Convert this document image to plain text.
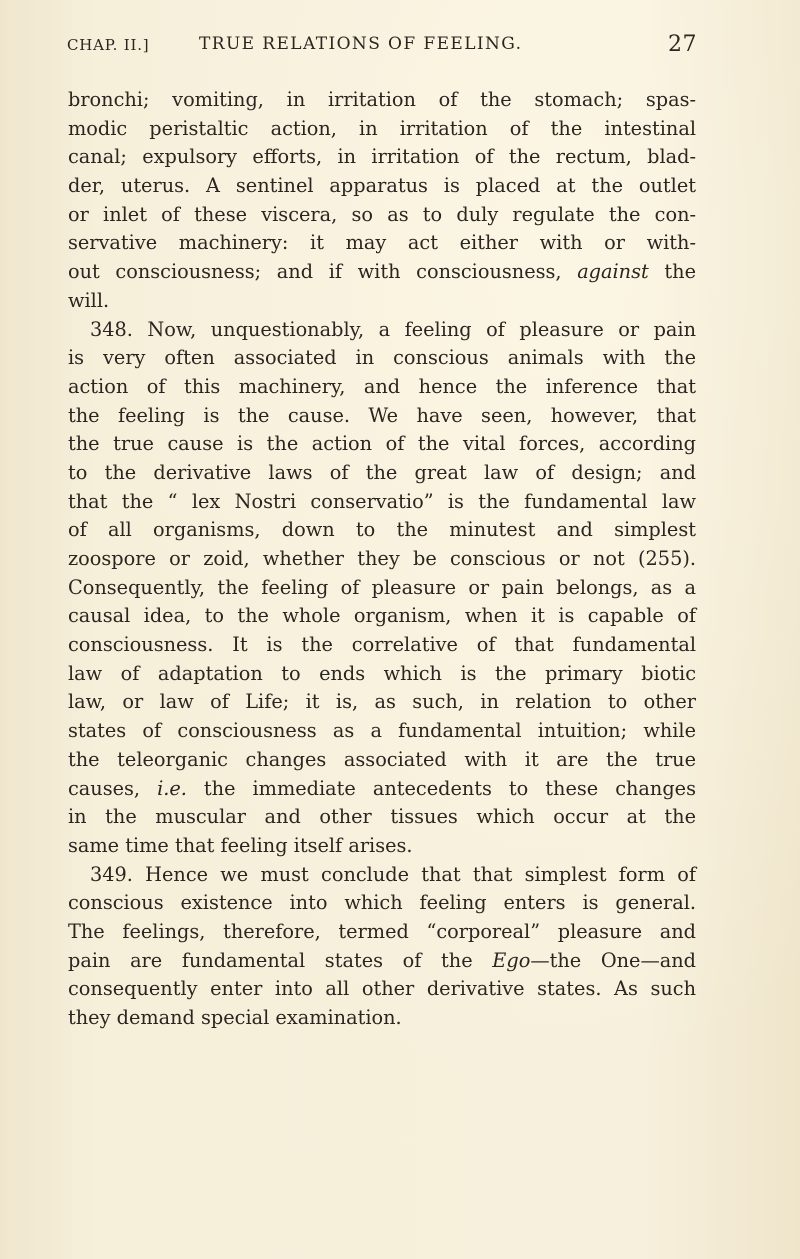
CHAP. II.]	TRUE RELATIONS OF FEELING.	27
bronchi; vomiting, in irritation of the stomach; spas-
modic peristaltic action, in irritation of the intestinal
canal; expulsory efforts, in irritation of the rectum, blad-
der, uterus. A sentinel apparatus is placed at the outlet
or inlet of these viscera, so as to duly regulate the con-
servative machinery: it may act either with or with-
out consciousness; and if with consciousness, against the
will.
348. Now, unquestionably, a feeling of pleasure or pain
is very often associated in conscious animals with the
action of this machinery, and hence the inference that
the feeling is the cause. We have seen, however, that
the true cause is the action of the vital forces, according
to the derivative laws of the great law of design; and
that the “ lex Nostri conservatio” is the fundamental law
of all organisms, down to the minutest and simplest
zoospore or zoid, whether they be conscious or not (255).
Consequently, the feeling of pleasure or pain belongs, as a
causal idea, to the whole organism, when it is capable of
consciousness. It is the correlative of that fundamental
law of adaptation to ends which is the primary biotic
law, or law of Life; it is, as such, in relation to other
states of consciousness as a fundamental intuition; while
the teleorganic changes associated with it are the true
causes, i.e. the immediate antecedents to these changes
in the muscular and other tissues which occur at the
same time that feeling itself arises.
349. Hence we must conclude that that simplest form of
conscious existence into which feeling enters is general.
The feelings, therefore, termed “corporeal” pleasure and
pain are fundamental states of the Ego—the One—and
consequently enter into all other derivative states. As such
they demand special examination.
